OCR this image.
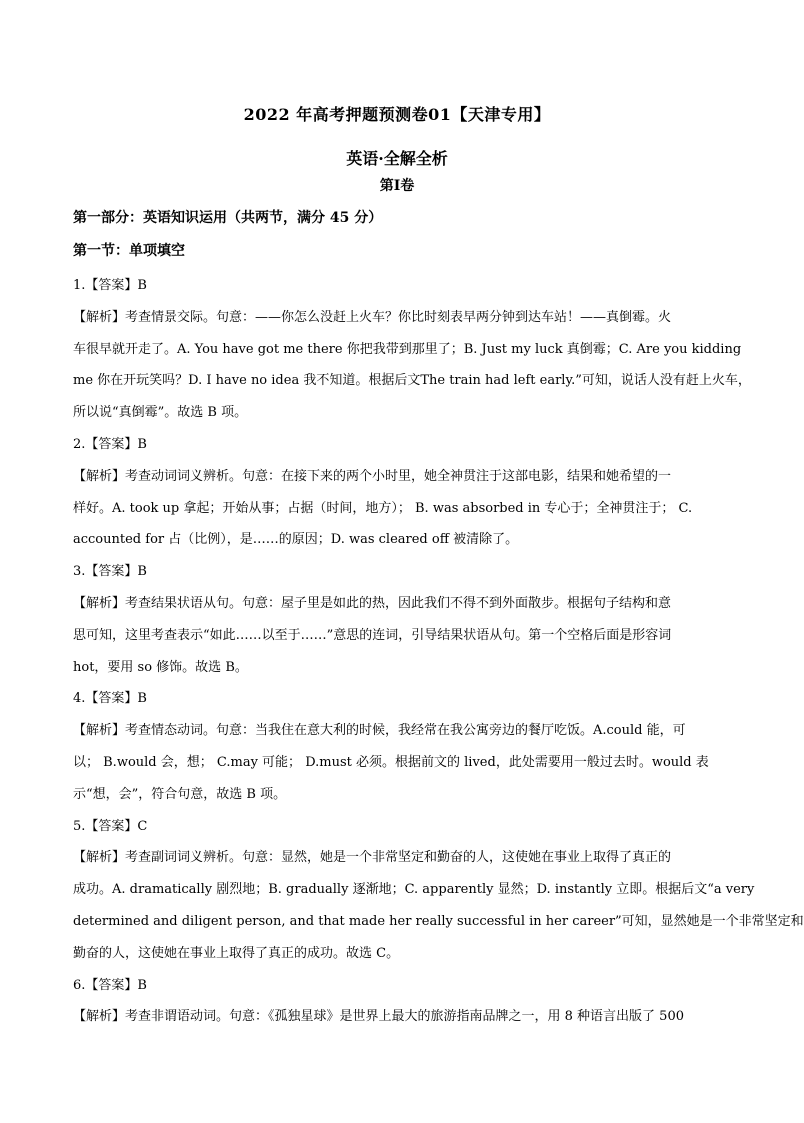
2022 年高考押题预测卷01【天津专用】
英语·全解全析
第I卷
第一部分：英语知识运用（共两节，满分 45 分）
第一节：单项填空

1.【答案】B

【解析】考查情景交际。句意：——你怎么没赶上火车？你比时刻表早两分钟到达车站！——真倒霉。火

车很早就开走了。A. You have got me there 你把我带到那里了；B. Just my luck 真倒霉；C. Are you kidding

me 你在开玩笑吗？D. I have no idea 我不知道。根据后文The train had left early.”可知，说话人没有赶上火车，

所以说“真倒霉”。故选 B 项。

2.【答案】B

【解析】考查动词词义辨析。句意：在接下来的两个小时里，她全神贯注于这部电影，结果和她希望的一

样好。A. took up 拿起；开始从事；占据（时间，地方）； B. was absorbed in 专心于；全神贯注于； C.

accounted for 占（比例），是……的原因；D. was cleared off 被清除了。

3.【答案】B

【解析】考查结果状语从句。句意：屋子里是如此的热，因此我们不得不到外面散步。根据句子结构和意

思可知，这里考查表示“如此……以至于……”意思的连词，引导结果状语从句。第一个空格后面是形容词

hot，要用 so 修饰。故选 B。

4.【答案】B

【解析】考查情态动词。句意：当我住在意大利的时候，我经常在我公寓旁边的餐厅吃饭。A.could 能，可

以； B.would 会，想； C.may 可能； D.must 必须。根据前文的 lived，此处需要用一般过去时。would 表

示“想，会”，符合句意，故选 B 项。

5.【答案】C

【解析】考查副词词义辨析。句意：显然，她是一个非常坚定和勤奋的人，这使她在事业上取得了真正的

成功。A. dramatically 剧烈地；B. gradually 逐渐地；C. apparently 显然；D. instantly 立即。根据后文“a very

determined and diligent person, and that made her really successful in her career”可知，显然她是一个非常坚定和

勤奋的人，这使她在事业上取得了真正的成功。故选 C。

6.【答案】B

【解析】考查非谓语动词。句意：《孤独星球》是世界上最大的旅游指南品牌之一，用 8 种语言出版了 500
